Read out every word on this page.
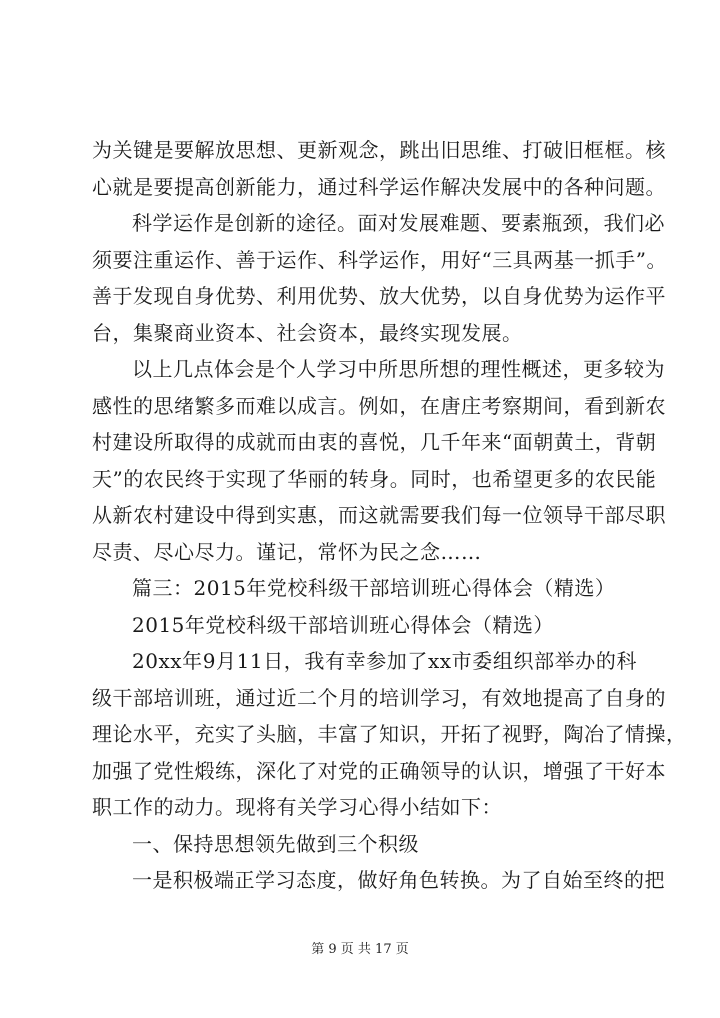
为关键是要解放思想、更新观念，跳出旧思维、打破旧框框。核
心就是要提高创新能力，通过科学运作解决发展中的各种问题。
科学运作是创新的途径。面对发展难题、要素瓶颈，我们必
须要注重运作、善于运作、科学运作，用好“三具两基一抓手”。
善于发现自身优势、利用优势、放大优势，以自身优势为运作平
台，集聚商业资本、社会资本，最终实现发展。
以上几点体会是个人学习中所思所想的理性概述，更多较为
感性的思绪繁多而难以成言。例如，在唐庄考察期间，看到新农
村建设所取得的成就而由衷的喜悦，几千年来“面朝黄土，背朝
天”的农民终于实现了华丽的转身。同时，也希望更多的农民能
从新农村建设中得到实惠，而这就需要我们每一位领导干部尽职
尽责、尽心尽力。谨记，常怀为民之念……
篇三：2015年党校科级干部培训班心得体会（精选）
2015年党校科级干部培训班心得体会（精选）
20xx年9月11日，我有幸参加了xx市委组织部举办的科
级干部培训班，通过近二个月的培训学习，有效地提高了自身的
理论水平，充实了头脑，丰富了知识，开拓了视野，陶冶了情操，
加强了党性煅练，深化了对党的正确领导的认识，增强了干好本
职工作的动力。现将有关学习心得小结如下：
一、保持思想领先做到三个积级
一是积极端正学习态度，做好角色转换。为了自始至终的把
第 9 页 共 17 页
